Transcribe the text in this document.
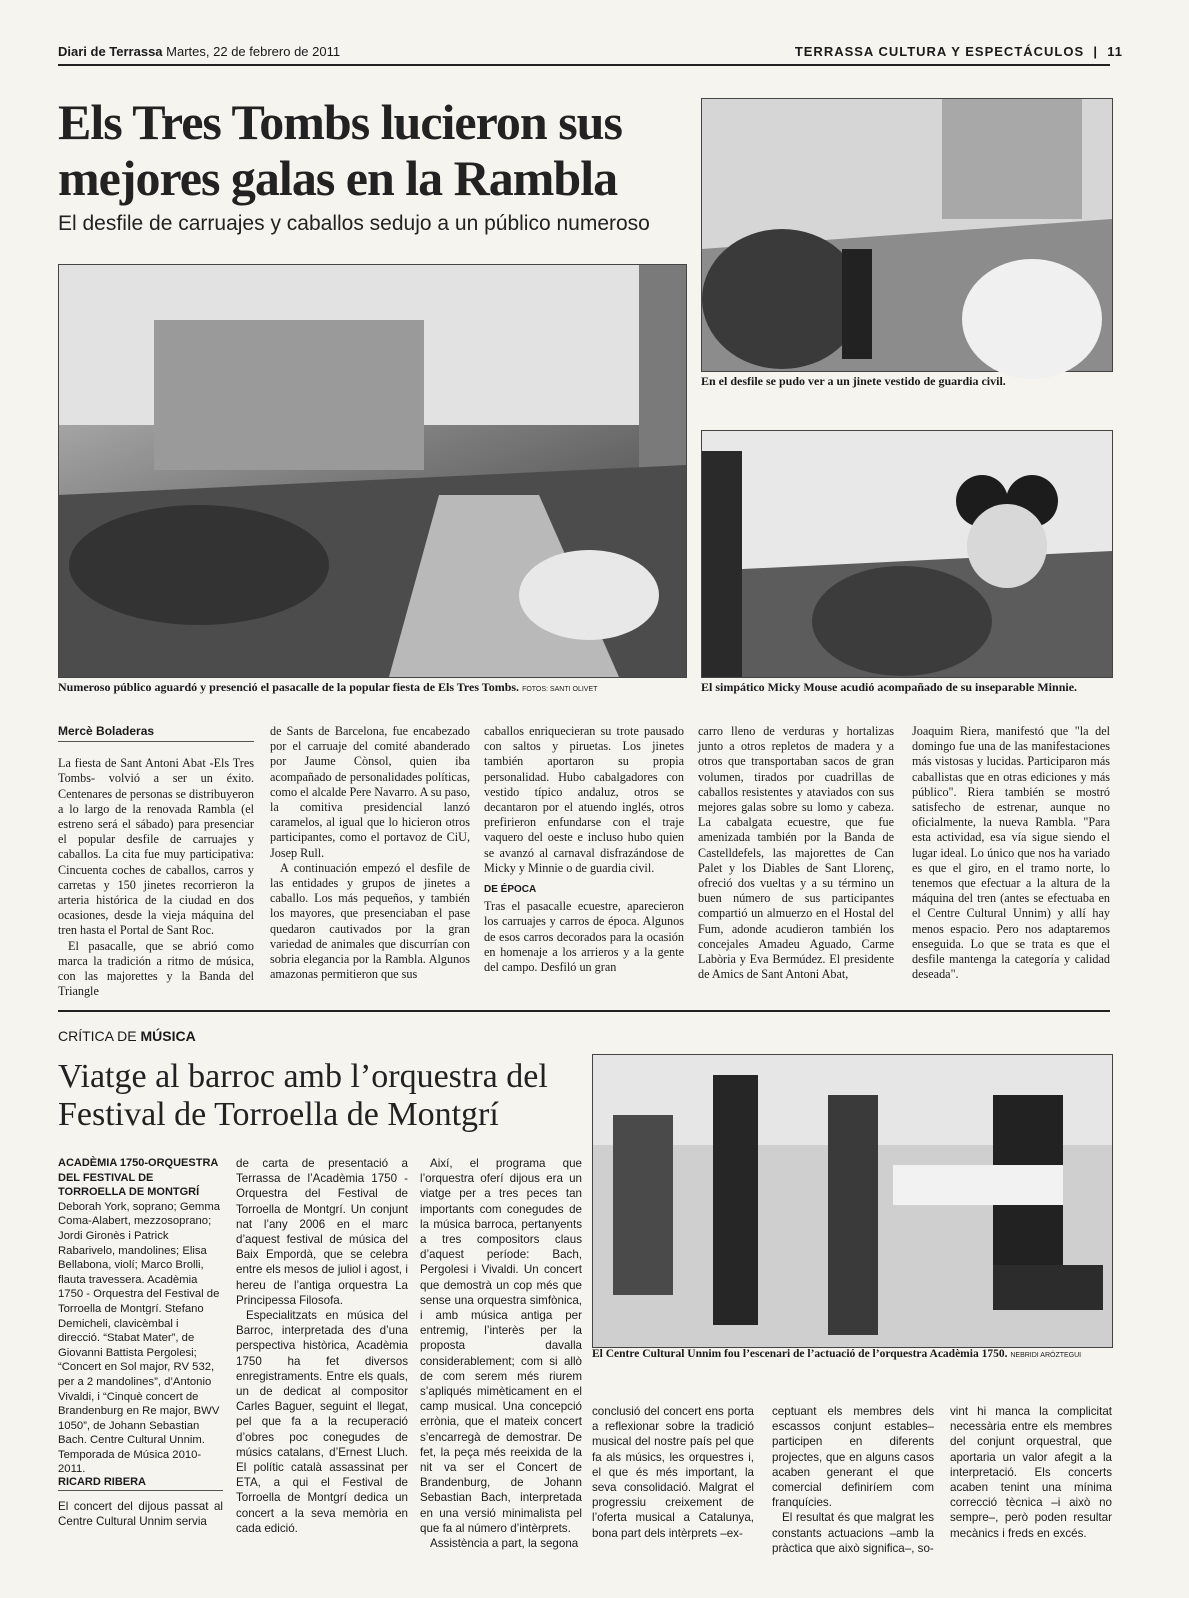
Diari de Terrassa Martes, 22 de febrero de 2011	TERRASSA CULTURA Y ESPECTÁCULOS  |  11
Els Tres Tombs lucieron sus mejores galas en la Rambla
El desfile de carruajes y caballos sedujo a un público numeroso
Numeroso público aguardó y presenció el pasacalle de la popular fiesta de Els Tres Tombs. FOTOS: SANTI OLIVET
En el desfile se pudo ver a un jinete vestido de guardia civil.
El simpático Micky Mouse acudió acompañado de su inseparable Minnie.
Mercè Boladeras

La fiesta de Sant Antoni Abat -Els Tres Tombs- volvió a ser un éxito. Centenares de personas se distribuyeron a lo largo de la renovada Rambla (el estreno será el sábado) para presenciar el popular desfile de carruajes y caballos. La cita fue muy participativa: Cincuenta coches de caballos, carros y carretas y 150 jinetes recorrieron la arteria histórica de la ciudad en dos ocasiones, desde la vieja máquina del tren hasta el Portal de Sant Roc.

El pasacalle, que se abrió como marca la tradición a ritmo de música, con las majorettes y la Banda del Triangle

de Sants de Barcelona, fue encabezado por el carruaje del comité abanderado por Jaume Cònsol, quien iba acompañado de personalidades políticas, como el alcalde Pere Navarro. A su paso, la comitiva presidencial lanzó caramelos, al igual que lo hicieron otros participantes, como el portavoz de CiU, Josep Rull.

A continuación empezó el desfile de las entidades y grupos de jinetes a caballo. Los más pequeños, y también los mayores, que presenciaban el pase quedaron cautivados por la gran variedad de animales que discurrían con sobria elegancia por la Rambla. Algunos amazonas permitieron que sus

caballos enriquecieran su trote pausado con saltos y piruetas. Los jinetes también aportaron su propia personalidad. Hubo cabalgadores con vestido típico andaluz, otros se decantaron por el atuendo inglés, otros prefirieron enfundarse con el traje vaquero del oeste e incluso hubo quien se avanzó al carnaval disfrazándose de Micky y Minnie o de guardia civil.

DE ÉPOCA

Tras el pasacalle ecuestre, aparecieron los carruajes y carros de época. Algunos de esos carros decorados para la ocasión en homenaje a los arrieros y a la gente del campo. Desfiló un gran

carro lleno de verduras y hortalizas junto a otros repletos de madera y a otros que transportaban sacos de gran volumen, tirados por cuadrillas de caballos resistentes y ataviados con sus mejores galas sobre su lomo y cabeza. La cabalgata ecuestre, que fue amenizada también por la Banda de Castelldefels, las majorettes de Can Palet y los Diables de Sant Llorenç, ofreció dos vueltas y a su término un buen número de sus participantes compartió un almuerzo en el Hostal del Fum, adonde acudieron también los concejales Amadeu Aguado, Carme Labòria y Eva Bermúdez. El presidente de Amics de Sant Antoni Abat,

Joaquim Riera, manifestó que "la del domingo fue una de las manifestaciones más vistosas y lucidas. Participaron más caballistas que en otras ediciones y más público". Riera también se mostró satisfecho de estrenar, aunque no oficialmente, la nueva Rambla. "Para esta actividad, esa vía sigue siendo el lugar ideal. Lo único que nos ha variado es que el giro, en el tramo norte, lo tenemos que efectuar a la altura de la máquina del tren (antes se efectuaba en el Centre Cultural Unnim) y allí hay menos espacio. Pero nos adaptaremos enseguida. Lo que se trata es que el desfile mantenga la categoría y calidad deseada".

CRÍTICA DE MÚSICA
Viatge al barroc amb l’orquestra del Festival de Torroella de Montgrí
El Centre Cultural Unnim fou l’escenari de l’actuació de l’orquestra Acadèmia 1750. NEBRIDI ARÓZTEGUI
ACADÈMIA 1750-ORQUESTRA DEL FESTIVAL DE TORROELLA DE MONTGRÍ
Deborah York, soprano; Gemma Coma-Alabert, mezzosoprano; Jordi Gironès i Patrick Rabarivelo, mandolines; Elisa Bellabona, violí; Marco Brolli, flauta travessera. Acadèmia 1750 - Orquestra del Festival de Torroella de Montgrí. Stefano Demicheli, clavicèmbal i direcció. “Stabat Mater”, de Giovanni Battista Pergolesi; “Concert en Sol major, RV 532, per a 2 mandolines”, d’Antonio Vivaldi, i “Cinquè concert de Brandenburg en Re major, BWV 1050”, de Johann Sebastian Bach. Centre Cultural Unnim. Temporada de Música 2010-2011.
RICARD RIBERA

El concert del dijous passat al Centre Cultural Unnim servia

de carta de presentació a Terrassa de l’Acadèmia 1750 - Orquestra del Festival de Torroella de Montgrí. Un conjunt nat l’any 2006 en el marc d’aquest festival de música del Baix Empordà, que se celebra entre els mesos de juliol i agost, i hereu de l’antiga orquestra La Principessa Filosofa.

Especialitzats en música del Barroc, interpretada des d’una perspectiva històrica, Acadèmia 1750 ha fet diversos enregistraments. Entre els quals, un de dedicat al compositor Carles Baguer, seguint el llegat, pel que fa a la recuperació d’obres poc conegudes de músics catalans, d’Ernest Lluch. El polític català assassinat per ETA, a qui el Festival de Torroella de Montgrí dedica un concert a la seva memòria en cada edició.

Així, el programa que l’orquestra oferí dijous era un viatge per a tres peces tan importants com conegudes de la música barroca, pertanyents a tres compositors claus d’aquest període: Bach, Pergolesi i Vivaldi. Un concert que demostrà un cop més que sense una orquestra simfònica, i amb música antiga per entremig, l’interès per la proposta davalla considerablement; com si allò de com serem més riurem s’apliqués mimèticament en el camp musical. Una concepció errònia, que el mateix concert s’encarregà de demostrar. De fet, la peça més reeixida de la nit va ser el Concert de Brandenburg, de Johann Sebastian Bach, interpretada en una versió minimalista pel que fa al número d’intèrprets.

Assistència a part, la segona

conclusió del concert ens porta a reflexionar sobre la tradició musical del nostre país pel que fa als músics, les orquestres i, el que és més important, la seva consolidació. Malgrat el progressiu creixement de l’oferta musical a Catalunya, bona part dels intèrprets –ex-

ceptuant els membres dels escassos conjunt estables– participen en diferents projectes, que en alguns casos acaben generant el que comercial definiríem com franquícies.

El resultat és que malgrat les constants actuacions –amb la pràctica que això significa–, so-

vint hi manca la complicitat necessària entre els membres del conjunt orquestral, que aportaria un valor afegit a la interpretació. Els concerts acaben tenint una mínima correcció tècnica –i això no sempre–, però poden resultar mecànics i freds en excés.
